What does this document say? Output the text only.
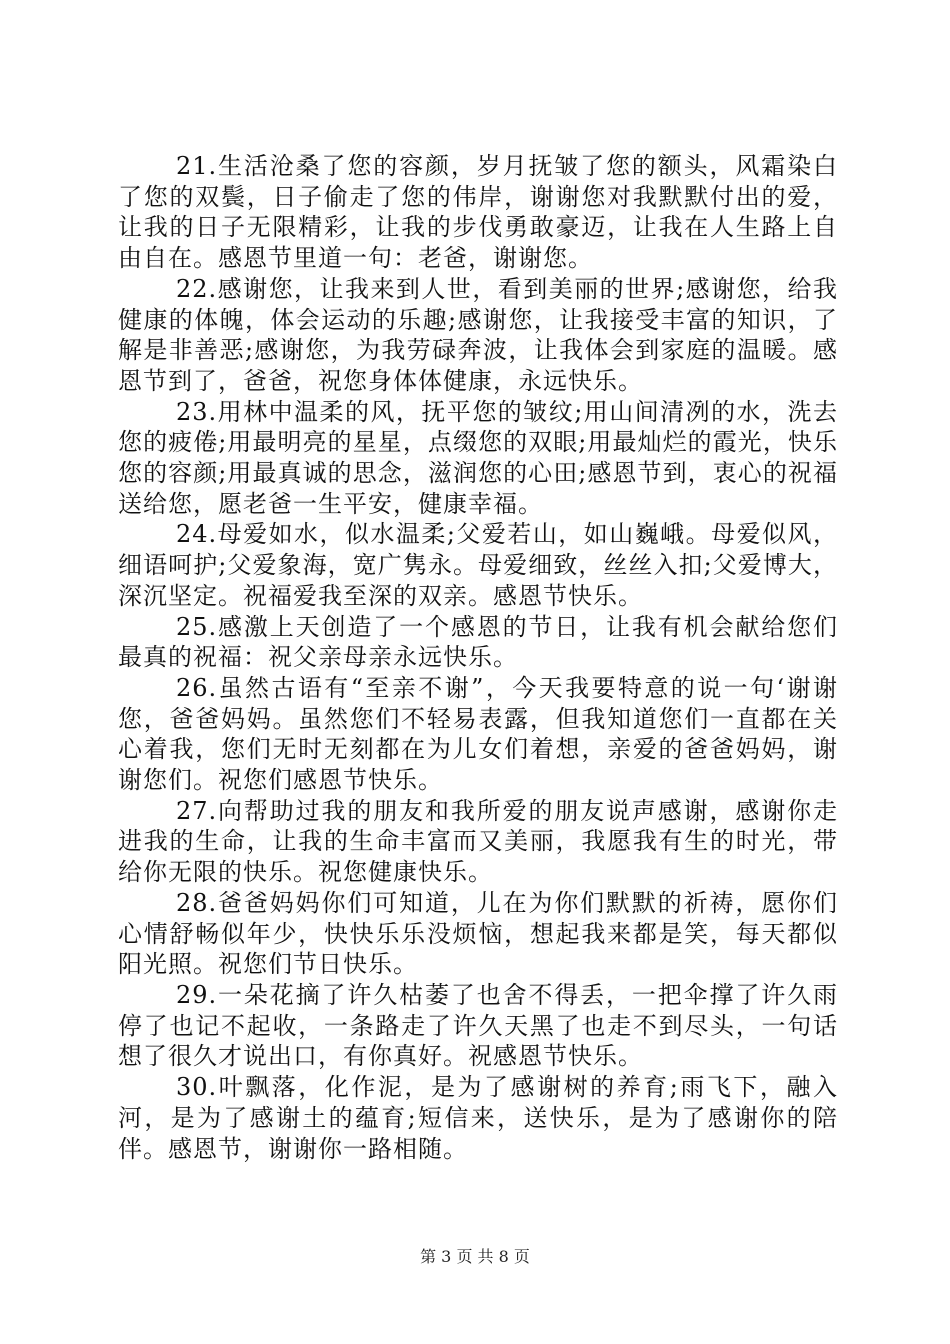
21.生活沧桑了您的容颜，岁月抚皱了您的额头，风霜染白了您的双鬓，日子偷走了您的伟岸，谢谢您对我默默付出的爱，让我的日子无限精彩，让我的步伐勇敢豪迈，让我在人生路上自由自在。感恩节里道一句：老爸，谢谢您。

22.感谢您，让我来到人世，看到美丽的世界;感谢您，给我健康的体魄，体会运动的乐趣;感谢您，让我接受丰富的知识，了解是非善恶;感谢您，为我劳碌奔波，让我体会到家庭的温暖。感恩节到了，爸爸，祝您身体体健康，永远快乐。

23.用林中温柔的风，抚平您的皱纹;用山间清冽的水，洗去您的疲倦;用最明亮的星星，点缀您的双眼;用最灿烂的霞光，快乐您的容颜;用最真诚的思念，滋润您的心田;感恩节到，衷心的祝福送给您，愿老爸一生平安，健康幸福。

24.母爱如水，似水温柔;父爱若山，如山巍峨。母爱似风，细语呵护;父爱象海，宽广隽永。母爱细致，丝丝入扣;父爱博大，深沉坚定。祝福爱我至深的双亲。感恩节快乐。

25.感激上天创造了一个感恩的节日，让我有机会献给您们最真的祝福：祝父亲母亲永远快乐。

26.虽然古语有“至亲不谢”，今天我要特意的说一句‘谢谢您，爸爸妈妈。虽然您们不轻易表露，但我知道您们一直都在关心着我，您们无时无刻都在为儿女们着想，亲爱的爸爸妈妈，谢谢您们。祝您们感恩节快乐。

27.向帮助过我的朋友和我所爱的朋友说声感谢，感谢你走进我的生命，让我的生命丰富而又美丽，我愿我有生的时光，带给你无限的快乐。祝您健康快乐。

28.爸爸妈妈你们可知道，儿在为你们默默的祈祷，愿你们心情舒畅似年少，快快乐乐没烦恼，想起我来都是笑，每天都似阳光照。祝您们节日快乐。

29.一朵花摘了许久枯萎了也舍不得丢，一把伞撑了许久雨停了也记不起收，一条路走了许久天黑了也走不到尽头，一句话想了很久才说出口，有你真好。祝感恩节快乐。

30.叶飘落，化作泥，是为了感谢树的养育;雨飞下，融入河，是为了感谢土的蕴育;短信来，送快乐，是为了感谢你的陪伴。感恩节，谢谢你一路相随。

第 3 页 共 8 页
